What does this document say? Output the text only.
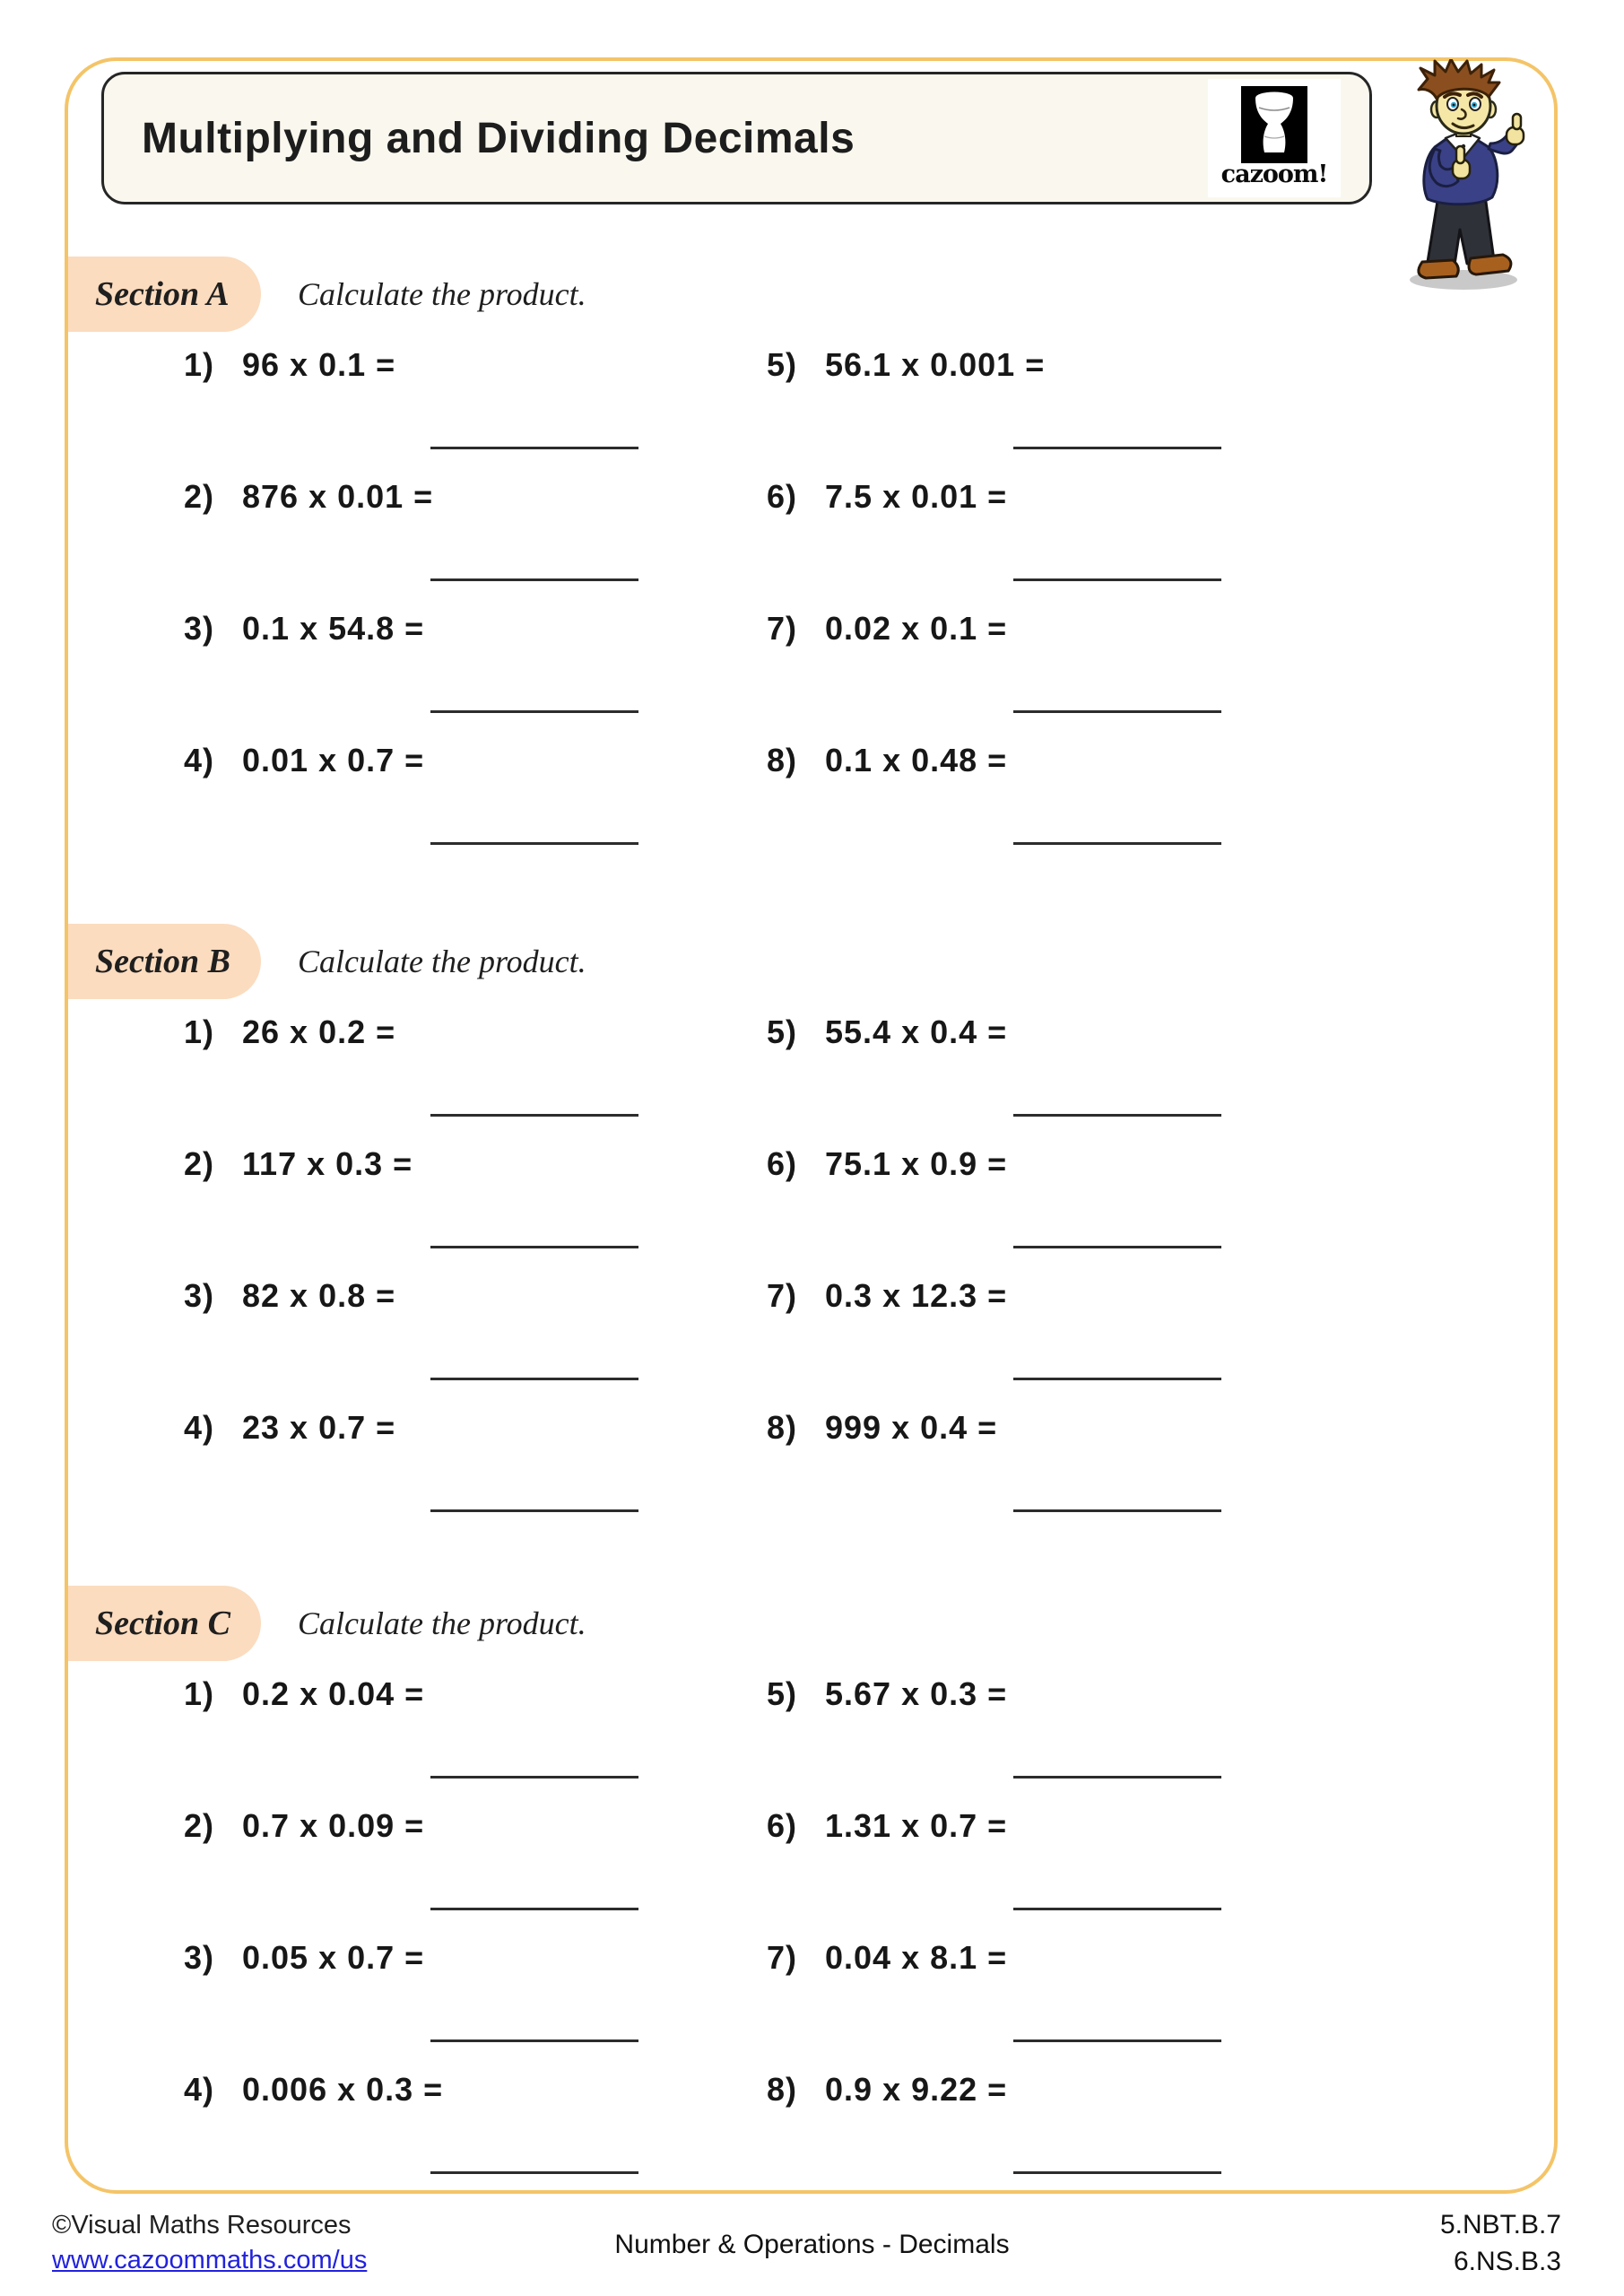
Multiplying and Dividing Decimals
cazoom!
Section A Calculate the product.
1) 96 x 0.1 =
2) 876 x 0.01 =
3) 0.1 x 54.8 =
4) 0.01 x 0.7 =
5) 56.1 x 0.001 =
6) 7.5 x 0.01 =
7) 0.02 x 0.1 =
8) 0.1 x 0.48 =
Section B Calculate the product.
1) 26 x 0.2 =
2) 117 x 0.3 =
3) 82 x 0.8 =
4) 23 x 0.7 =
5) 55.4 x 0.4 =
6) 75.1 x 0.9 =
7) 0.3 x 12.3 =
8) 999 x 0.4 =
Section C Calculate the product.
1) 0.2 x 0.04 =
2) 0.7 x 0.09 =
3) 0.05 x 0.7 =
4) 0.006 x 0.3 =
5) 5.67 x 0.3 =
6) 1.31 x 0.7 =
7) 0.04 x 8.1 =
8) 0.9 x 9.22 =
©Visual Maths Resources
www.cazoommaths.com/us
Number & Operations - Decimals
5.NBT.B.7
6.NS.B.3
